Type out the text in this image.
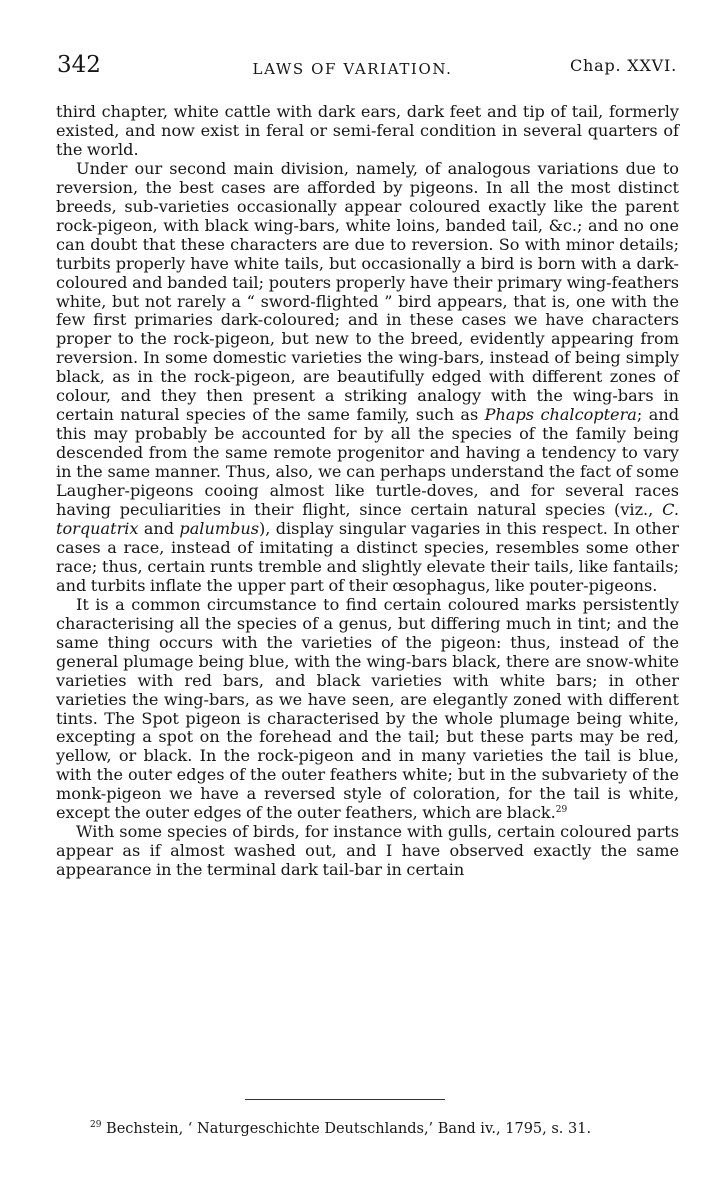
342	LAWS OF VARIATION.	Chap. XXVI.

third chapter, white cattle with dark ears, dark feet and tip of tail, formerly existed, and now exist in feral or semi-feral condition in several quarters of the world.

Under our second main division, namely, of analogous variations due to reversion, the best cases are afforded by pigeons. In all the most distinct breeds, sub-varieties occasionally appear coloured exactly like the parent rock-pigeon, with black wing-bars, white loins, banded tail, &c.; and no one can doubt that these characters are due to reversion. So with minor details; turbits properly have white tails, but occasionally a bird is born with a dark-coloured and banded tail; pouters properly have their primary wing-feathers white, but not rarely a “ sword-flighted ” bird appears, that is, one with the few first primaries dark-coloured; and in these cases we have characters proper to the rock-pigeon, but new to the breed, evidently appearing from reversion. In some domestic varieties the wing-bars, instead of being simply black, as in the rock-pigeon, are beautifully edged with different zones of colour, and they then present a striking analogy with the wing-bars in certain natural species of the same family, such as Phaps chalcoptera; and this may probably be accounted for by all the species of the family being descended from the same remote progenitor and having a tendency to vary in the same manner. Thus, also, we can perhaps understand the fact of some Laugher-pigeons cooing almost like turtle-doves, and for several races having peculiarities in their flight, since certain natural species (viz., C. torquatrix and palumbus), display singular vagaries in this respect. In other cases a race, instead of imitating a distinct species, resembles some other race; thus, certain runts tremble and slightly elevate their tails, like fantails; and turbits inflate the upper part of their œsophagus, like pouter-pigeons.

It is a common circumstance to find certain coloured marks persistently characterising all the species of a genus, but differing much in tint; and the same thing occurs with the varieties of the pigeon: thus, instead of the general plumage being blue, with the wing-bars black, there are snow-white varieties with red bars, and black varieties with white bars; in other varieties the wing-bars, as we have seen, are elegantly zoned with different tints. The Spot pigeon is characterised by the whole plumage being white, excepting a spot on the forehead and the tail; but these parts may be red, yellow, or black. In the rock-pigeon and in many varieties the tail is blue, with the outer edges of the outer feathers white; but in the subvariety of the monk-pigeon we have a reversed style of coloration, for the tail is white, except the outer edges of the outer feathers, which are black.$^{29}$

With some species of birds, for instance with gulls, certain coloured parts appear as if almost washed out, and I have observed exactly the same appearance in the terminal dark tail-bar in certain

$^{29}$ Bechstein, ‘ Naturgeschichte Deutschlands,’ Band iv., 1795, s. 31.
